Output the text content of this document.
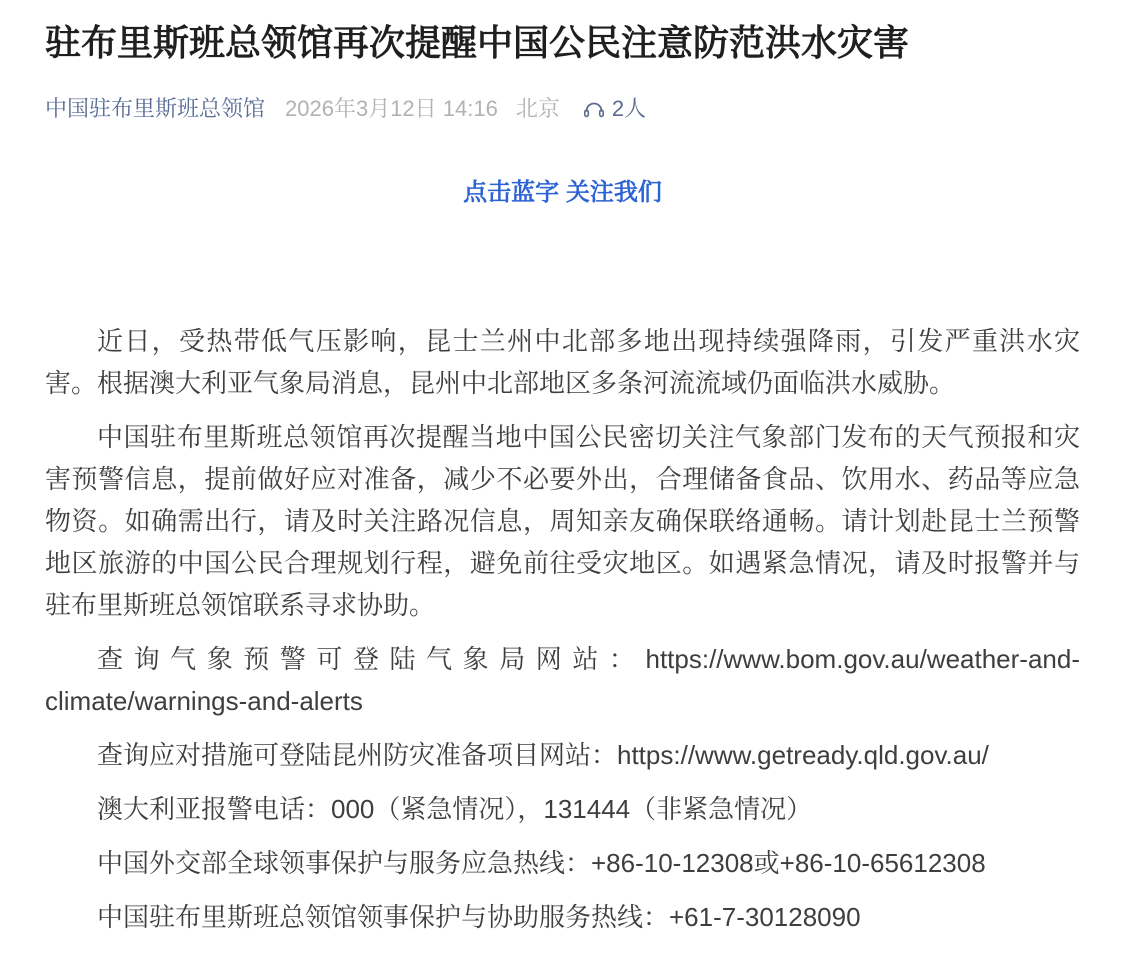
驻布里斯班总领馆再次提醒中国公民注意防范洪水灾害
中国驻布里斯班总领馆 2026年3月12日 14:16 北京 2人

点击蓝字 关注我们

近日，受热带低气压影响，昆士兰州中北部多地出现持续强降雨，引发严重洪水灾害。根据澳大利亚气象局消息，昆州中北部地区多条河流流域仍面临洪水威胁。

中国驻布里斯班总领馆再次提醒当地中国公民密切关注气象部门发布的天气预报和灾害预警信息，提前做好应对准备，减少不必要外出，合理储备食品、饮用水、药品等应急物资。如确需出行，请及时关注路况信息，周知亲友确保联络通畅。请计划赴昆士兰预警地区旅游的中国公民合理规划行程，避免前往受灾地区。如遇紧急情况，请及时报警并与驻布里斯班总领馆联系寻求协助。

查询气象预警可登陆气象局网站：https://www.bom.gov.au/weather-and-climate/warnings-and-alerts

查询应对措施可登陆昆州防灾准备项目网站：https://www.getready.qld.gov.au/

澳大利亚报警电话：000（紧急情况），131444（非紧急情况）

中国外交部全球领事保护与服务应急热线：+86-10-12308或+86-10-65612308

中国驻布里斯班总领馆领事保护与协助服务热线：+61-7-30128090
